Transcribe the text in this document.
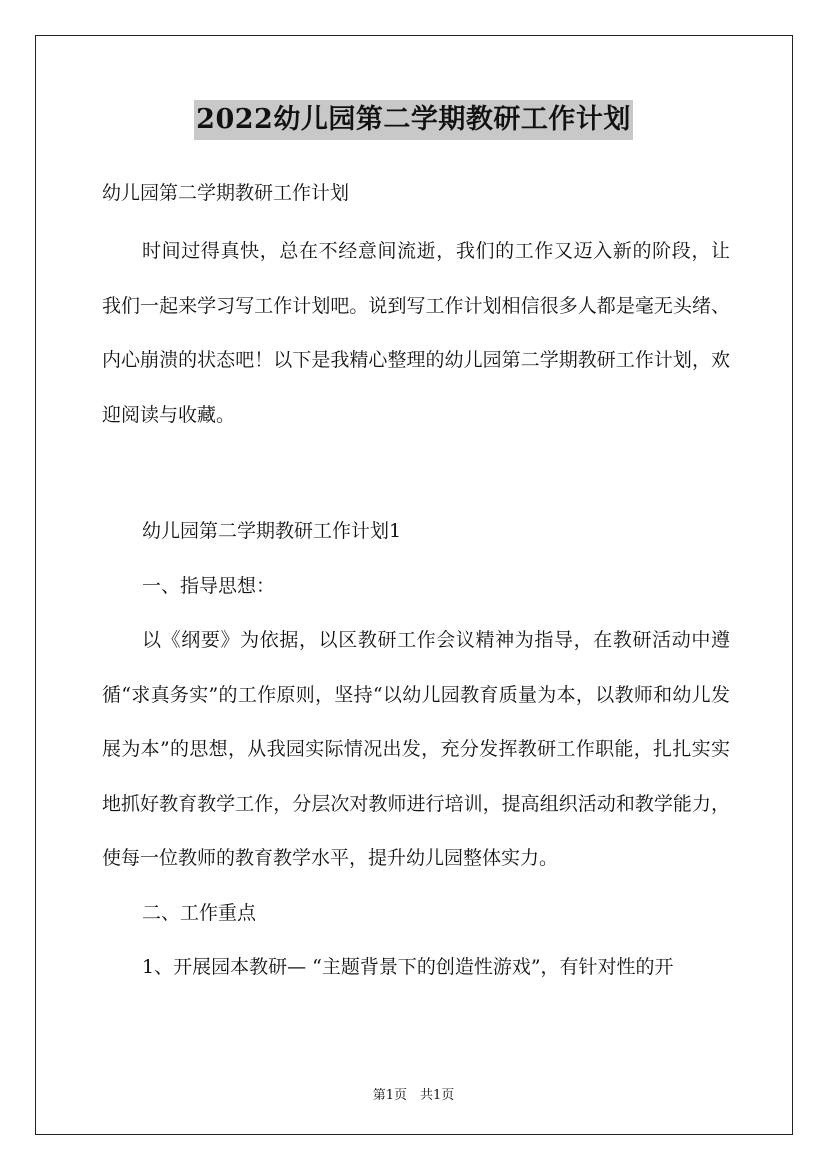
2022幼儿园第二学期教研工作计划

幼儿园第二学期教研工作计划

时间过得真快，总在不经意间流逝，我们的工作又迈入新的阶段，让我们一起来学习写工作计划吧。说到写工作计划相信很多人都是毫无头绪、内心崩溃的状态吧！以下是我精心整理的幼儿园第二学期教研工作计划，欢迎阅读与收藏。

幼儿园第二学期教研工作计划1

一、指导思想：

以《纲要》为依据，以区教研工作会议精神为指导，在教研活动中遵循“求真务实”的工作原则，坚持“以幼儿园教育质量为本，以教师和幼儿发展为本”的思想，从我园实际情况出发，充分发挥教研工作职能，扎扎实实地抓好教育教学工作，分层次对教师进行培训，提高组织活动和教学能力，使每一位教师的教育教学水平，提升幼儿园整体实力。

二、工作重点

1、开展园本教研— “主题背景下的创造性游戏”，有针对性的开

第1页　共1页
